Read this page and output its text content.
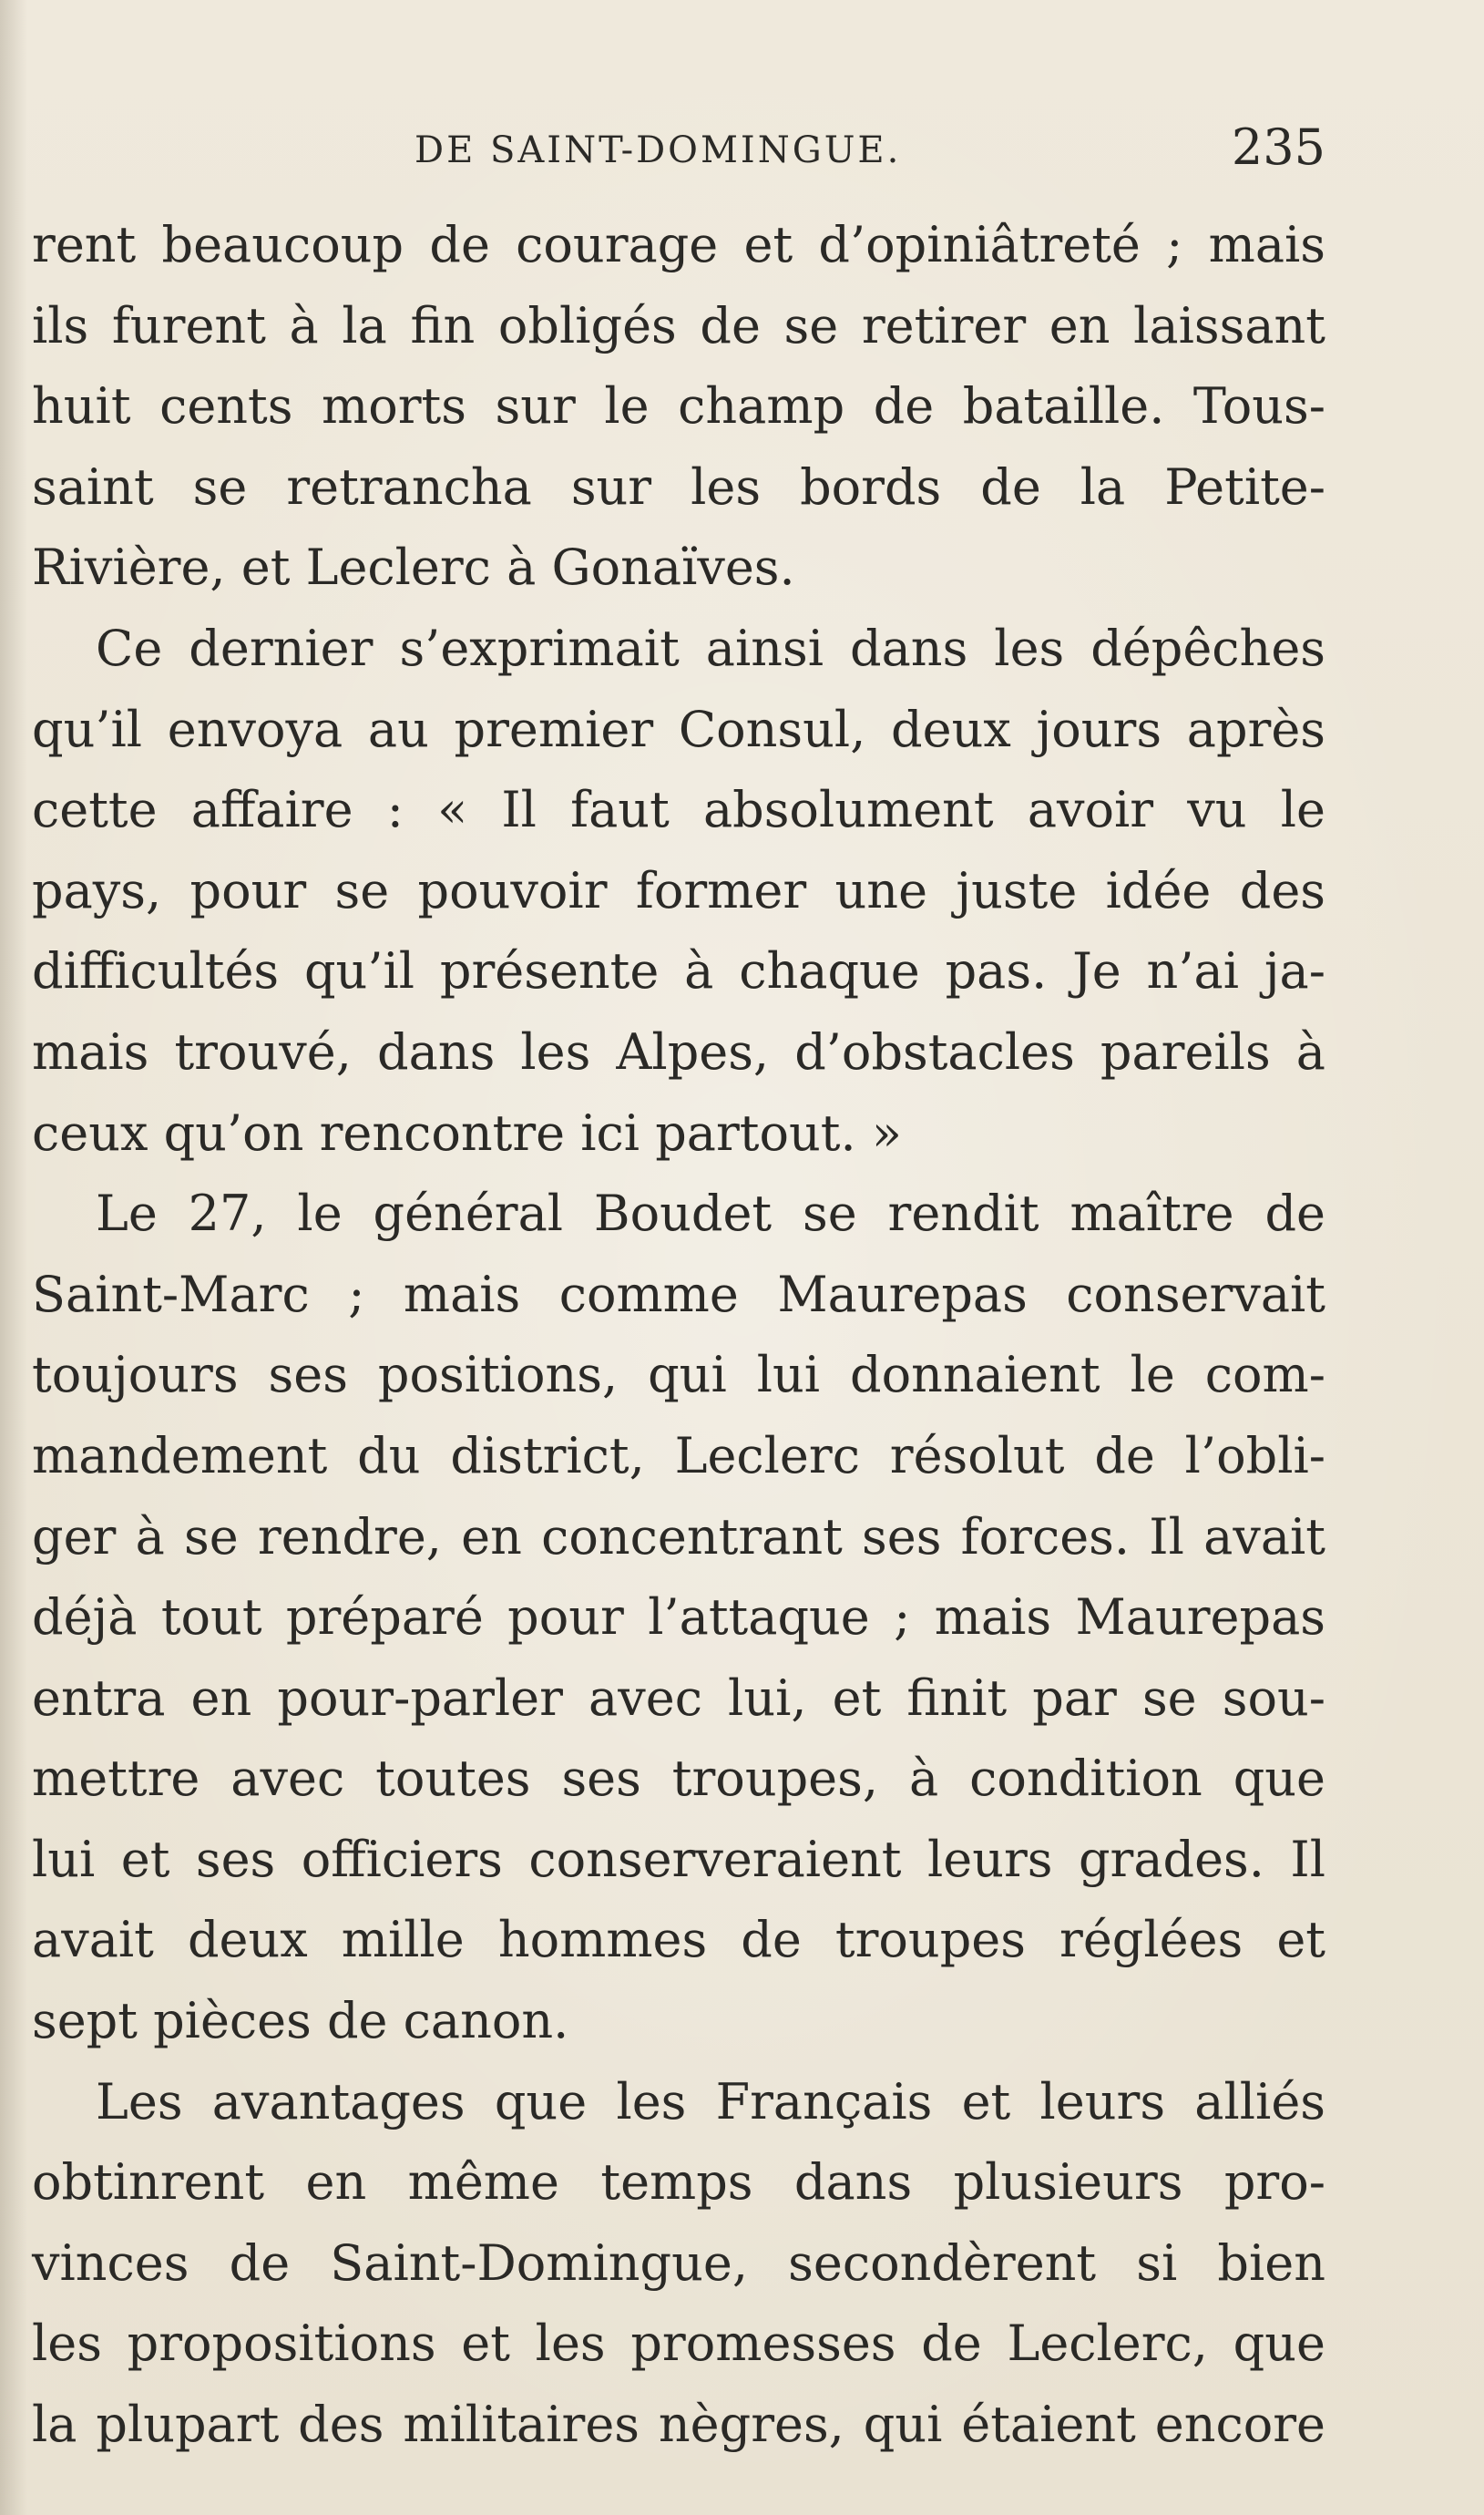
DE SAINT-DOMINGUE.	235
rent beaucoup de courage et d’opiniâtreté ; mais
ils furent à la fin obligés de se retirer en laissant
huit cents morts sur le champ de bataille. Tous-
saint se retrancha sur les bords de la Petite-
Rivière, et Leclerc à Gonaïves.
Ce dernier s’exprimait ainsi dans les dépêches
qu’il envoya au premier Consul, deux jours après
cette affaire : « Il faut absolument avoir vu le
pays, pour se pouvoir former une juste idée des
difficultés qu’il présente à chaque pas. Je n’ai ja-
mais trouvé, dans les Alpes, d’obstacles pareils à
ceux qu’on rencontre ici partout. »
Le 27, le général Boudet se rendit maître de
Saint-Marc ; mais comme Maurepas conservait
toujours ses positions, qui lui donnaient le com-
mandement du district, Leclerc résolut de l’obli-
ger à se rendre, en concentrant ses forces. Il avait
déjà tout préparé pour l’attaque ; mais Maurepas
entra en pour-parler avec lui, et finit par se sou-
mettre avec toutes ses troupes, à condition que
lui et ses officiers conserveraient leurs grades. Il
avait deux mille hommes de troupes réglées et
sept pièces de canon.
Les avantages que les Français et leurs alliés
obtinrent en même temps dans plusieurs pro-
vinces de Saint-Domingue, secondèrent si bien
les propositions et les promesses de Leclerc, que
la plupart des militaires nègres, qui étaient encore
